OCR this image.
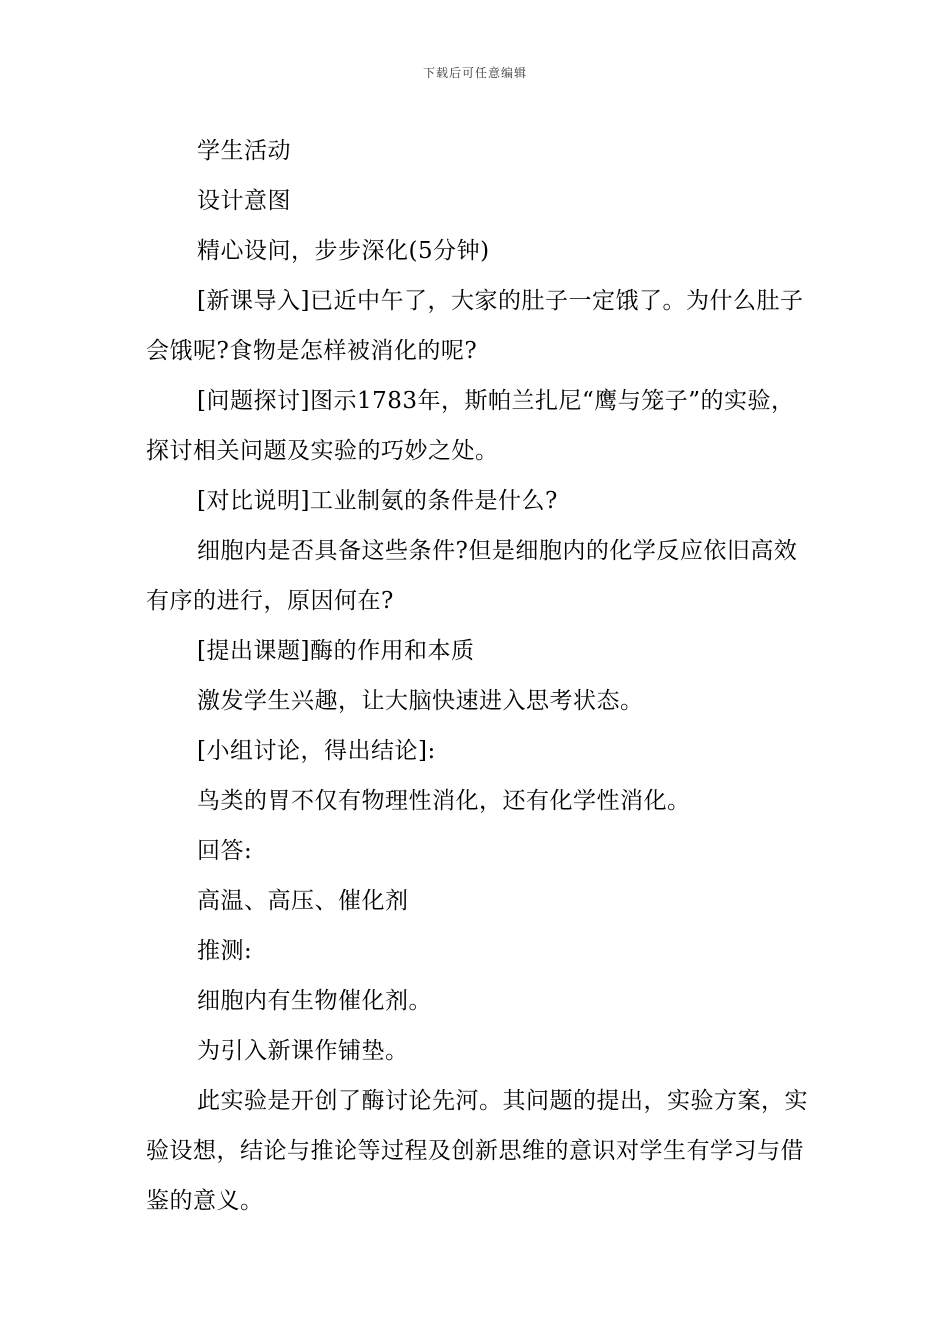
下载后可任意编辑

学生活动

设计意图

精心设问，步步深化(5分钟)

[新课导入]已近中午了，大家的肚子一定饿了。为什么肚子会饿呢?食物是怎样被消化的呢?

[问题探讨]图示1783年，斯帕兰扎尼“鹰与笼子”的实验，探讨相关问题及实验的巧妙之处。

[对比说明]工业制氨的条件是什么?

细胞内是否具备这些条件?但是细胞内的化学反应依旧高效有序的进行，原因何在?

[提出课题]酶的作用和本质

激发学生兴趣，让大脑快速进入思考状态。

[小组讨论，得出结论]:

鸟类的胃不仅有物理性消化，还有化学性消化。

回答:

高温、高压、催化剂

推测:

细胞内有生物催化剂。

为引入新课作铺垫。

此实验是开创了酶讨论先河。其问题的提出，实验方案，实验设想，结论与推论等过程及创新思维的意识对学生有学习与借鉴的意义。
